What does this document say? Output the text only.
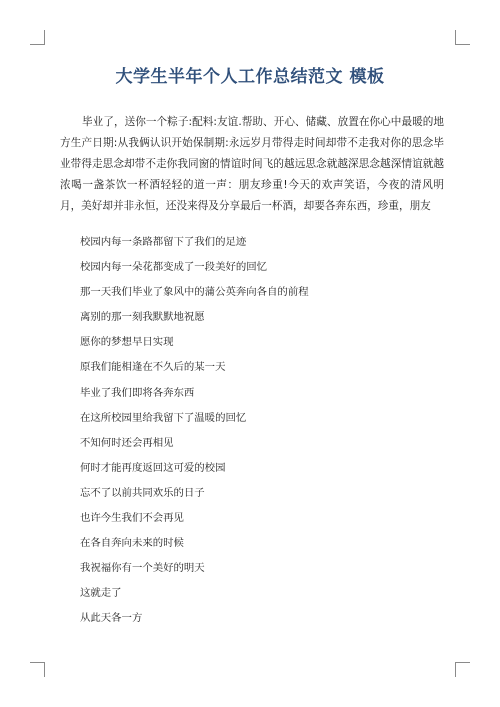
大学生半年个人工作总结范文 模板

毕业了，送你一个粽子:配料:友谊.帮助、开心、储藏、放置在你心中最暖的地方生产日期:从我俩认识开始保制期:永远岁月带得走时间却带不走我对你的思念毕业带得走思念却带不走你我同窗的情谊时间飞的越远思念就越深思念越深情谊就越浓喝一盏茶饮一杯酒轻轻的道一声：朋友珍重!今天的欢声笑语，今夜的清风明月，美好却并非永恒，还没来得及分享最后一杯酒，却要各奔东西，珍重，朋友

校园内每一条路都留下了我们的足迹
校园内每一朵花都变成了一段美好的回忆
那一天我们毕业了象风中的蒲公英奔向各自的前程
离别的那一刻我默默地祝愿
愿你的梦想早日实现
原我们能相逢在不久后的某一天
毕业了我们即将各奔东西
在这所校园里给我留下了温暖的回忆
不知何时还会再相见
何时才能再度返回这可爱的校园
忘不了以前共同欢乐的日子
也许今生我们不会再见
在各自奔向未来的时候
我祝福你有一个美好的明天
这就走了
从此天各一方
